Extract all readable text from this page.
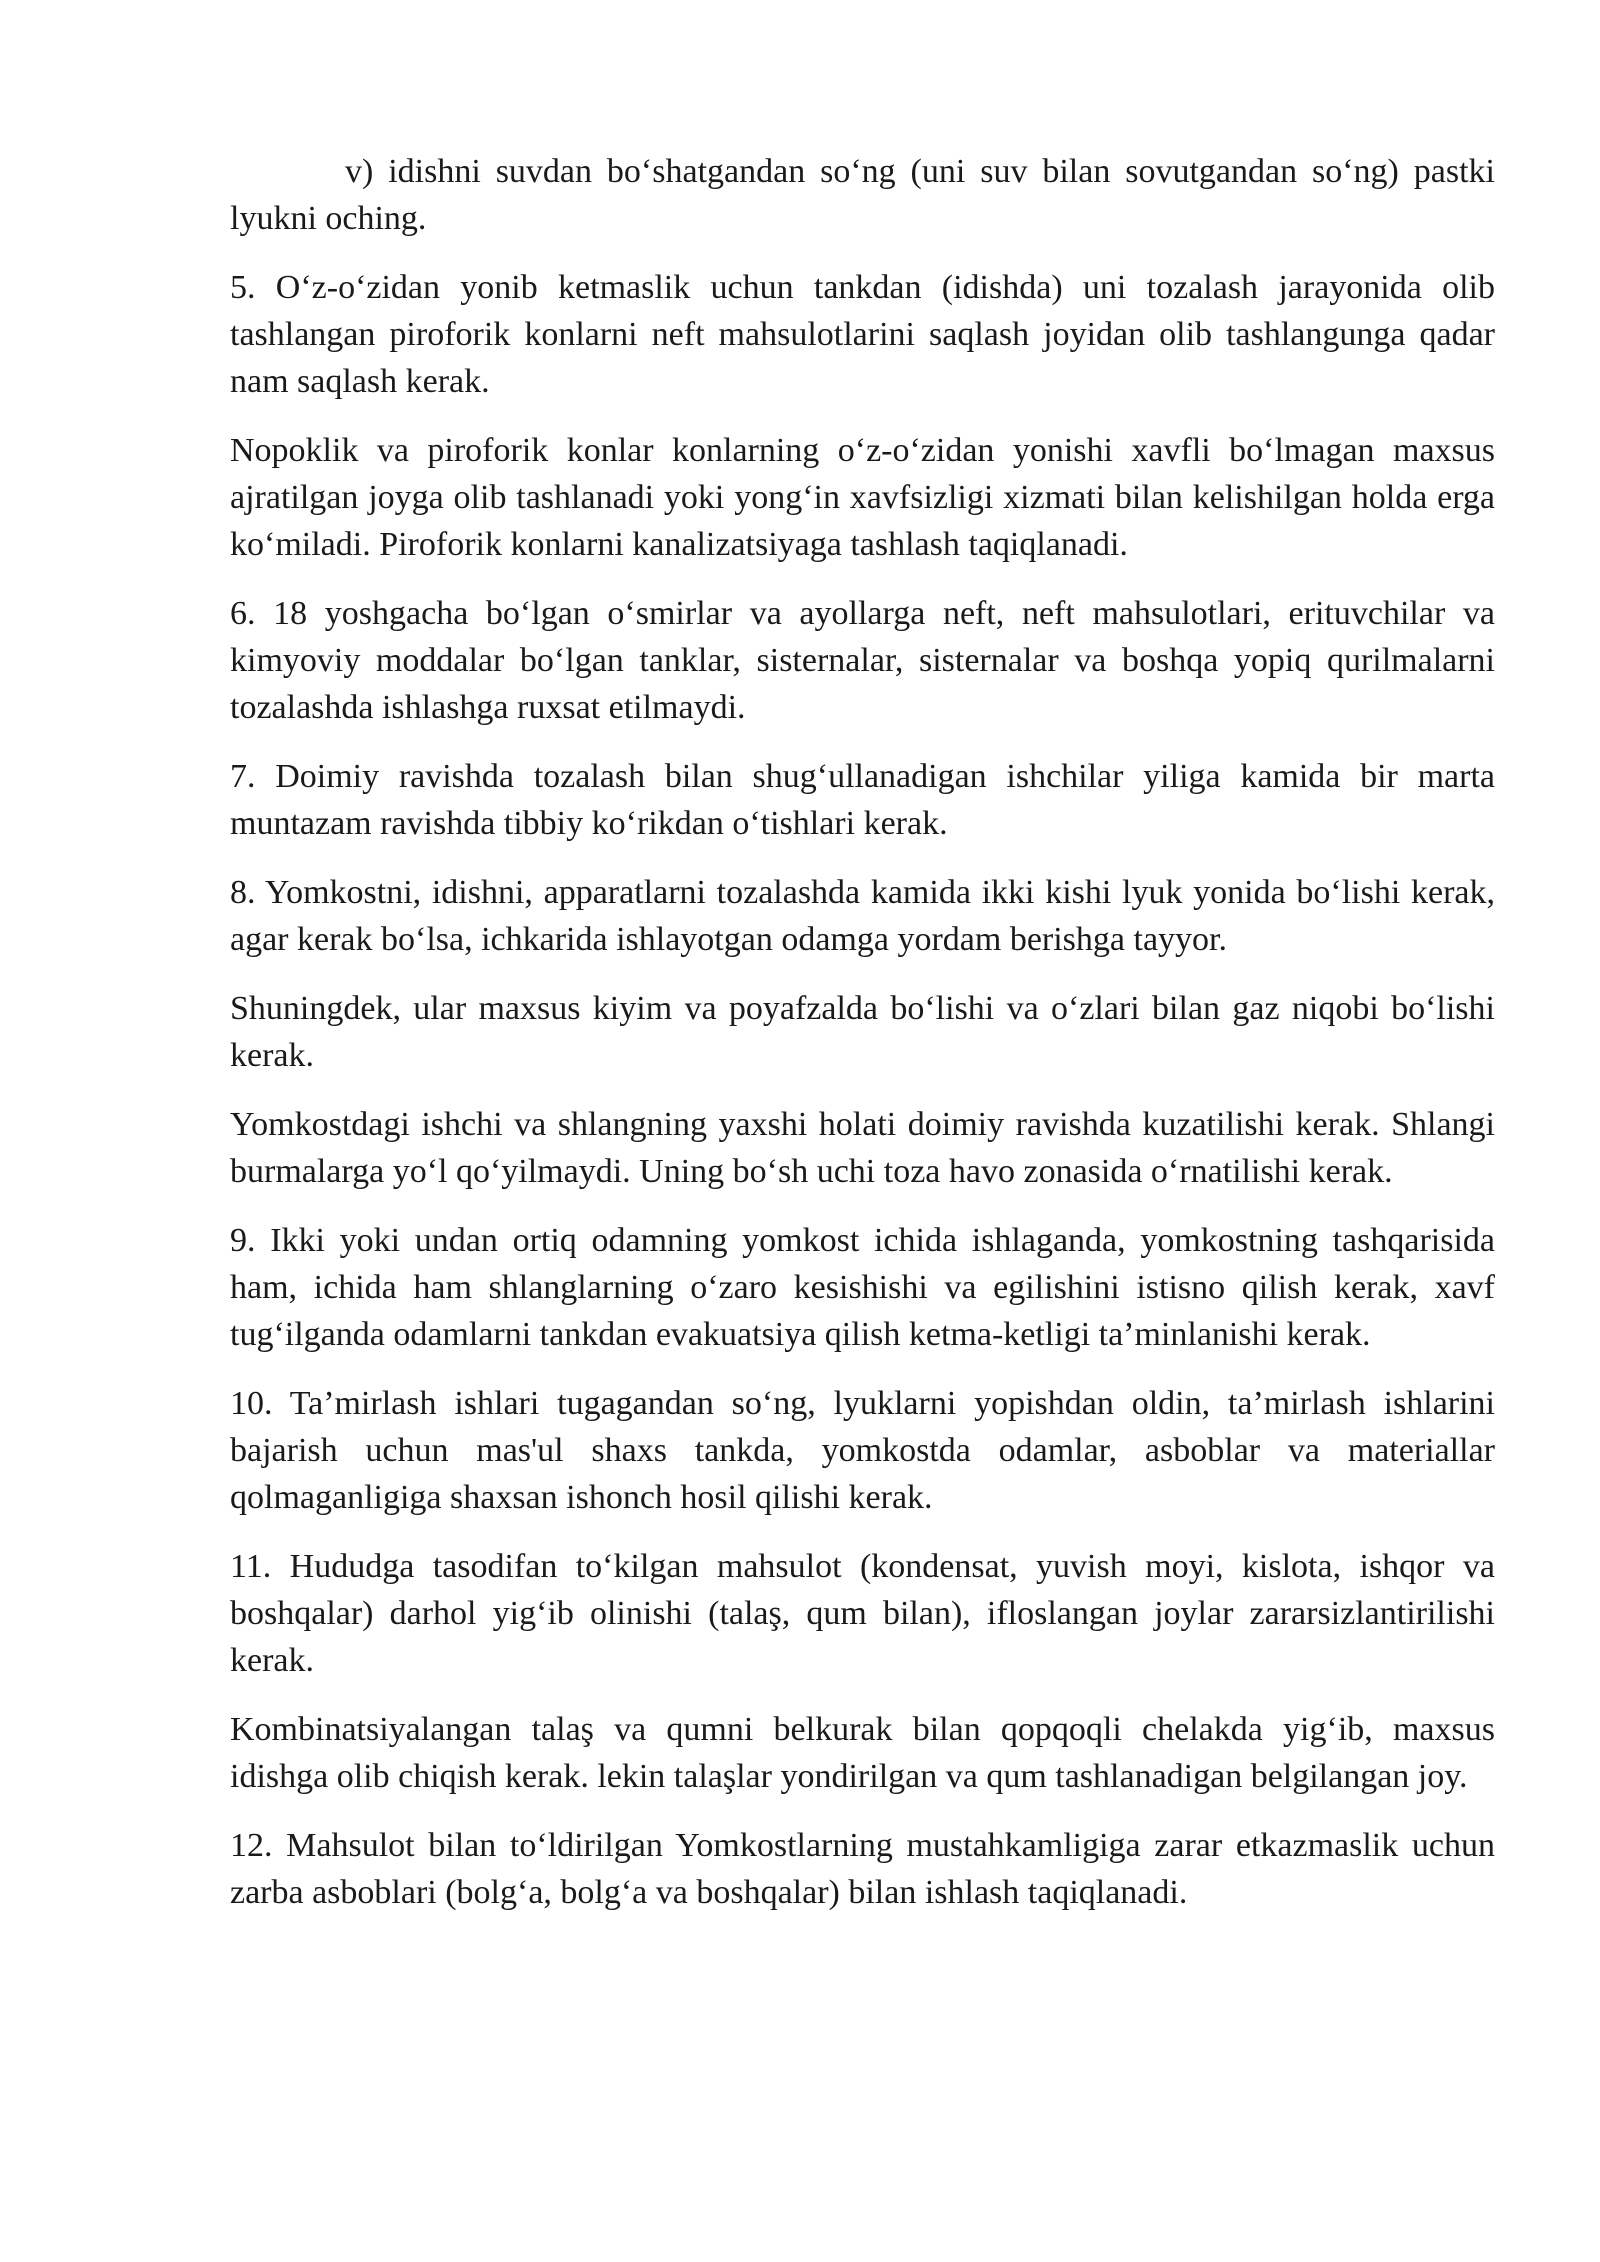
v) idishni suvdan bo‘shatgandan so‘ng (uni suv bilan sovutgandan so‘ng) pastki lyukni oching.

5. O‘z-o‘zidan yonib ketmaslik uchun tankdan (idishda) uni tozalash jarayonida olib tashlangan piroforik konlarni neft mahsulotlarini saqlash joyidan olib tashlangunga qadar nam saqlash kerak.

Nopoklik va piroforik konlar konlarning o‘z-o‘zidan yonishi xavfli bo‘lmagan maxsus ajratilgan joyga olib tashlanadi yoki yong‘in xavfsizligi xizmati bilan kelishilgan holda erga ko‘miladi. Piroforik konlarni kanalizatsiyaga tashlash taqiqlanadi.

6. 18 yoshgacha bo‘lgan o‘smirlar va ayollarga neft, neft mahsulotlari, erituvchilar va kimyoviy moddalar bo‘lgan tanklar, sisternalar, sisternalar va boshqa yopiq qurilmalarni tozalashda ishlashga ruxsat etilmaydi.

7. Doimiy ravishda tozalash bilan shug‘ullanadigan ishchilar yiliga kamida bir marta muntazam ravishda tibbiy ko‘rikdan o‘tishlari kerak.

8. Yomkostni, idishni, apparatlarni tozalashda kamida ikki kishi lyuk yonida bo‘lishi kerak, agar kerak bo‘lsa, ichkarida ishlayotgan odamga yordam berishga tayyor.

Shuningdek, ular maxsus kiyim va poyafzalda bo‘lishi va o‘zlari bilan gaz niqobi bo‘lishi kerak.

Yomkostdagi ishchi va shlangning yaxshi holati doimiy ravishda kuzatilishi kerak. Shlangi burmalarga yo‘l qo‘yilmaydi. Uning bo‘sh uchi toza havo zonasida o‘rnatilishi kerak.

9. Ikki yoki undan ortiq odamning yomkost ichida ishlaganda, yomkostning tashqarisida ham, ichida ham shlanglarning o‘zaro kesishishi va egilishini istisno qilish kerak, xavf tug‘ilganda odamlarni tankdan evakuatsiya qilish ketma-ketligi ta’minlanishi kerak.

10. Ta’mirlash ishlari tugagandan so‘ng, lyuklarni yopishdan oldin, ta’mirlash ishlarini bajarish uchun mas'ul shaxs tankda, yomkostda odamlar, asboblar va materiallar qolmaganligiga shaxsan ishonch hosil qilishi kerak.

11. Hududga tasodifan to‘kilgan mahsulot (kondensat, yuvish moyi, kislota, ishqor va boshqalar) darhol yig‘ib olinishi (talaş, qum bilan), ifloslangan joylar zararsizlantirilishi kerak.

Kombinatsiyalangan talaş va qumni belkurak bilan qopqoqli chelakda yig‘ib, maxsus idishga olib chiqish kerak. lekin talaşlar yondirilgan va qum tashlanadigan belgilangan joy.

12. Mahsulot bilan to‘ldirilgan Yomkostlarning mustahkamligiga zarar etkazmaslik uchun zarba asboblari (bolg‘a, bolg‘a va boshqalar) bilan ishlash taqiqlanadi.
